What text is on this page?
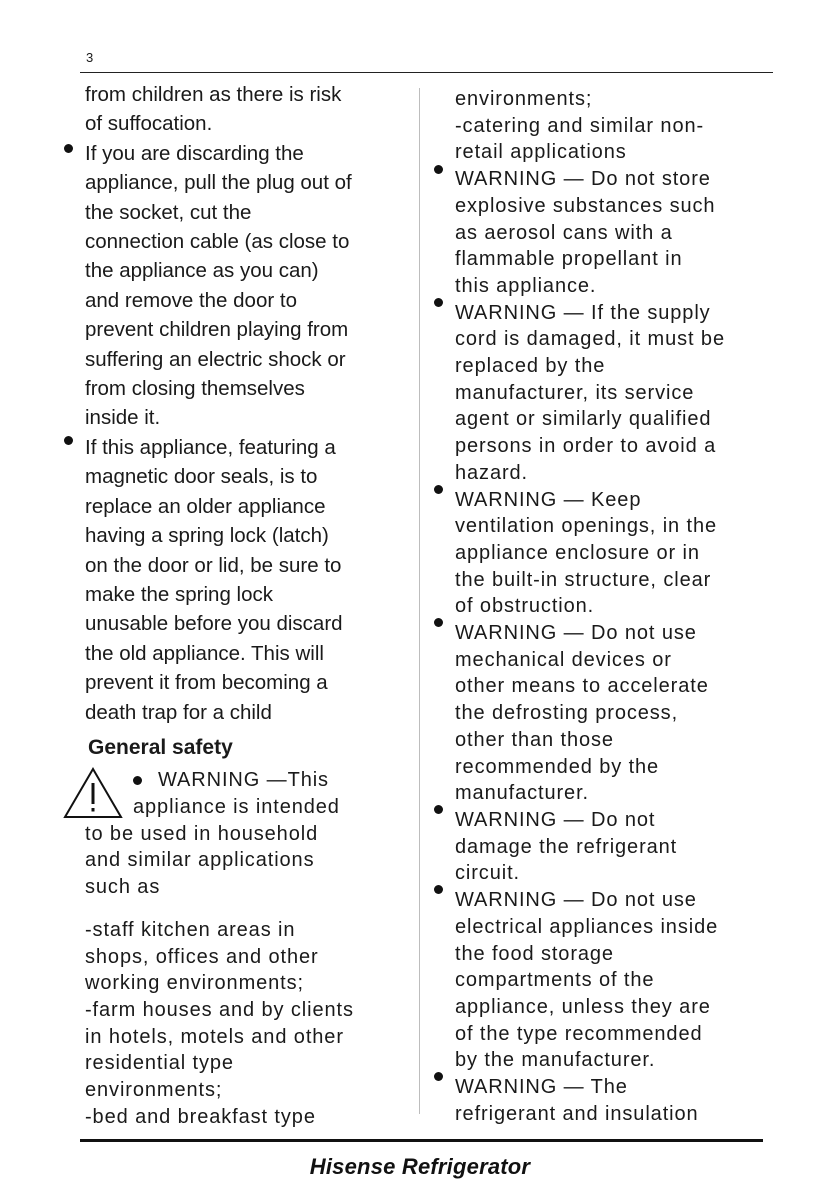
3
from children as there is risk
of suffocation.
If you are discarding the
appliance, pull the plug out of
the socket, cut the
connection cable (as close to
the appliance as you can)
and remove the door to
prevent children playing from
suffering an electric shock or
from closing themselves
inside it.
If this appliance, featuring a
magnetic door seals, is to
replace an older appliance
having a spring lock (latch)
on the door or lid, be sure to
make the spring lock
unusable before you discard
the old appliance. This will
prevent it from becoming a
death trap for a child
General safety
WARNING —This
appliance is intended
to be used in household
and similar applications
such as
-staff kitchen areas in
shops, offices and other
working environments;
-farm houses and by clients
in hotels, motels and other
residential type
environments;
-bed and breakfast type
environments;
-catering and similar non-
retail applications
WARNING — Do not store
explosive substances such
as aerosol cans with a
flammable propellant in
this appliance.
WARNING — If the supply
cord is damaged, it must be
replaced by the
manufacturer, its service
agent or similarly qualified
persons in order to avoid a
hazard.
WARNING — Keep
ventilation openings, in the
appliance enclosure or in
the built-in structure, clear
of obstruction.
WARNING — Do not use
mechanical devices or
other means to accelerate
the defrosting process,
other than those
recommended by the
manufacturer.
WARNING — Do not
damage the refrigerant
circuit.
WARNING — Do not use
electrical appliances inside
the food storage
compartments of the
appliance, unless they are
of the type recommended
by the manufacturer.
WARNING — The
refrigerant and insulation
Hisense Refrigerator
